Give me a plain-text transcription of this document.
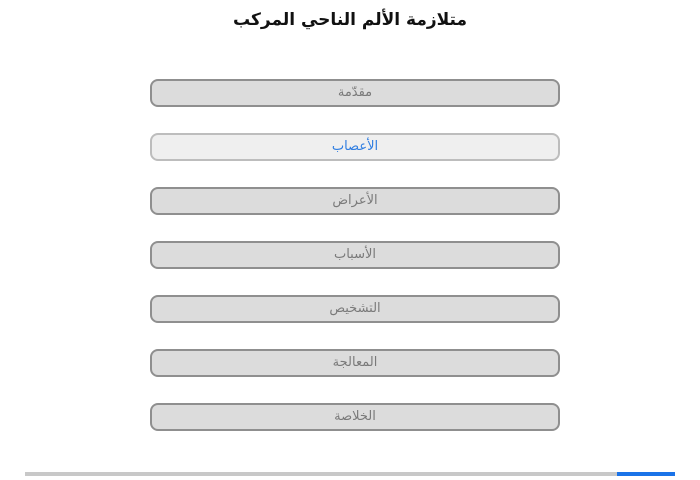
متلازمة الألم الناحي المركب
مقدّمة
الأعصاب
الأعراض
الأسباب
التشخيص
المعالجة
الخلاصة
